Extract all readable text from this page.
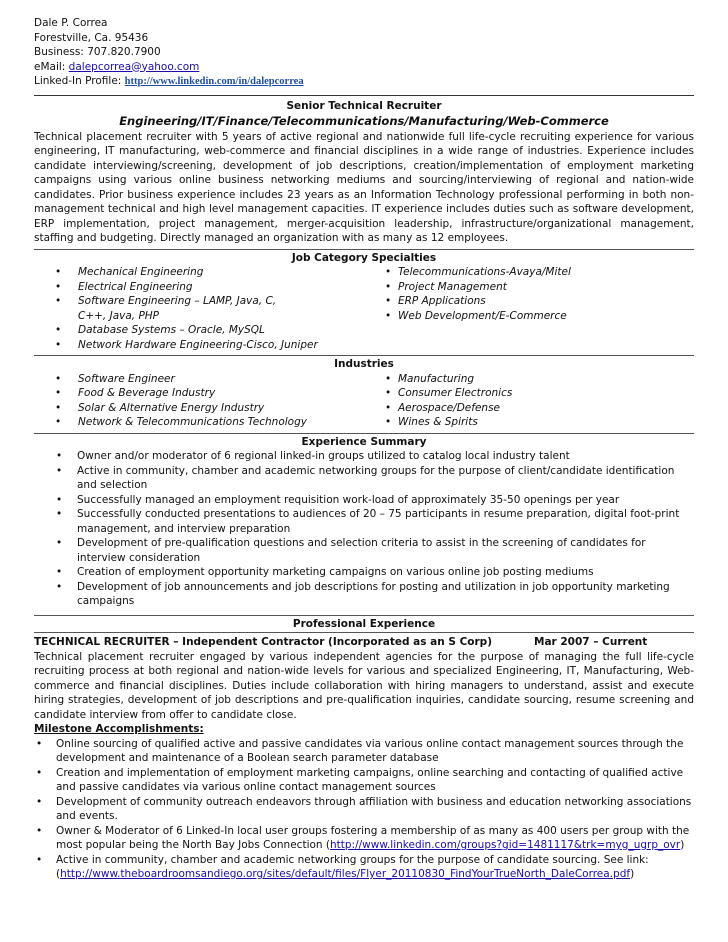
Dale P. Correa
Forestville, Ca. 95436
Business: 707.820.7900
eMail: dalepcorrea@yahoo.com
Linked-In Profile: http://www.linkedin.com/in/dalepcorrea
Senior Technical Recruiter
Engineering/IT/Finance/Telecommunications/Manufacturing/Web-Commerce

Technical placement recruiter with 5 years of active regional and nationwide full life-cycle recruiting experience for various engineering, IT manufacturing, web-commerce and financial disciplines in a wide range of industries. Experience includes candidate interviewing/screening, development of job descriptions, creation/implementation of employment marketing campaigns using various online business networking mediums and sourcing/interviewing of regional and nation-wide candidates. Prior business experience includes 23 years as an Information Technology professional performing in both non-management technical and high level management capacities. IT experience includes duties such as software development, ERP implementation, project management, merger-acquisition leadership, infrastructure/organizational management, staffing and budgeting. Directly managed an organization with as many as 12 employees.

Job Category Specialties
• Mechanical Engineering
• Electrical Engineering
• Software Engineering – LAMP, Java, C, C++, Java, PHP
• Database Systems – Oracle, MySQL
• Network Hardware Engineering-Cisco, Juniper
• Telecommunications-Avaya/Mitel
• Project Management
• ERP Applications
• Web Development/E-Commerce
Industries
• Software Engineer
• Food & Beverage Industry
• Solar & Alternative Energy Industry
• Network & Telecommunications Technology
• Manufacturing
• Consumer Electronics
• Aerospace/Defense
• Wines & Spirits
Experience Summary
• Owner and/or moderator of 6 regional linked-in groups utilized to catalog local industry talent
• Active in community, chamber and academic networking groups for the purpose of client/candidate identification and selection
• Successfully managed an employment requisition work-load of approximately 35-50 openings per year
• Successfully conducted presentations to audiences of 20 – 75 participants in resume preparation, digital foot-print management, and interview preparation
• Development of pre-qualification questions and selection criteria to assist in the screening of candidates for interview consideration
• Creation of employment opportunity marketing campaigns on various online job posting mediums
• Development of job announcements and job descriptions for posting and utilization in job opportunity marketing campaigns
Professional Experience
TECHNICAL RECRUITER – Independent Contractor (Incorporated as an S Corp)	Mar 2007 – Current

Technical placement recruiter engaged by various independent agencies for the purpose of managing the full life-cycle recruiting process at both regional and nation-wide levels for various and specialized Engineering, IT, Manufacturing, Web-commerce and financial disciplines. Duties include collaboration with hiring managers to understand, assist and execute hiring strategies, development of job descriptions and pre-qualification inquiries, candidate sourcing, resume screening and candidate interview from offer to candidate close.

Milestone Accomplishments:
• Online sourcing of qualified active and passive candidates via various online contact management sources through the development and maintenance of a Boolean search parameter database
• Creation and implementation of employment marketing campaigns, online searching and contacting of qualified active and passive candidates via various online contact management sources
• Development of community outreach endeavors through affiliation with business and education networking associations and events.
• Owner & Moderator of 6 Linked-In local user groups fostering a membership of as many as 400 users per group with the most popular being the North Bay Jobs Connection (http://www.linkedin.com/groups?gid=1481117&trk=myg_ugrp_ovr)
• Active in community, chamber and academic networking groups for the purpose of candidate sourcing. See link:
(http://www.theboardroomsandiego.org/sites/default/files/Flyer_20110830_FindYourTrueNorth_DaleCorrea.pdf)
